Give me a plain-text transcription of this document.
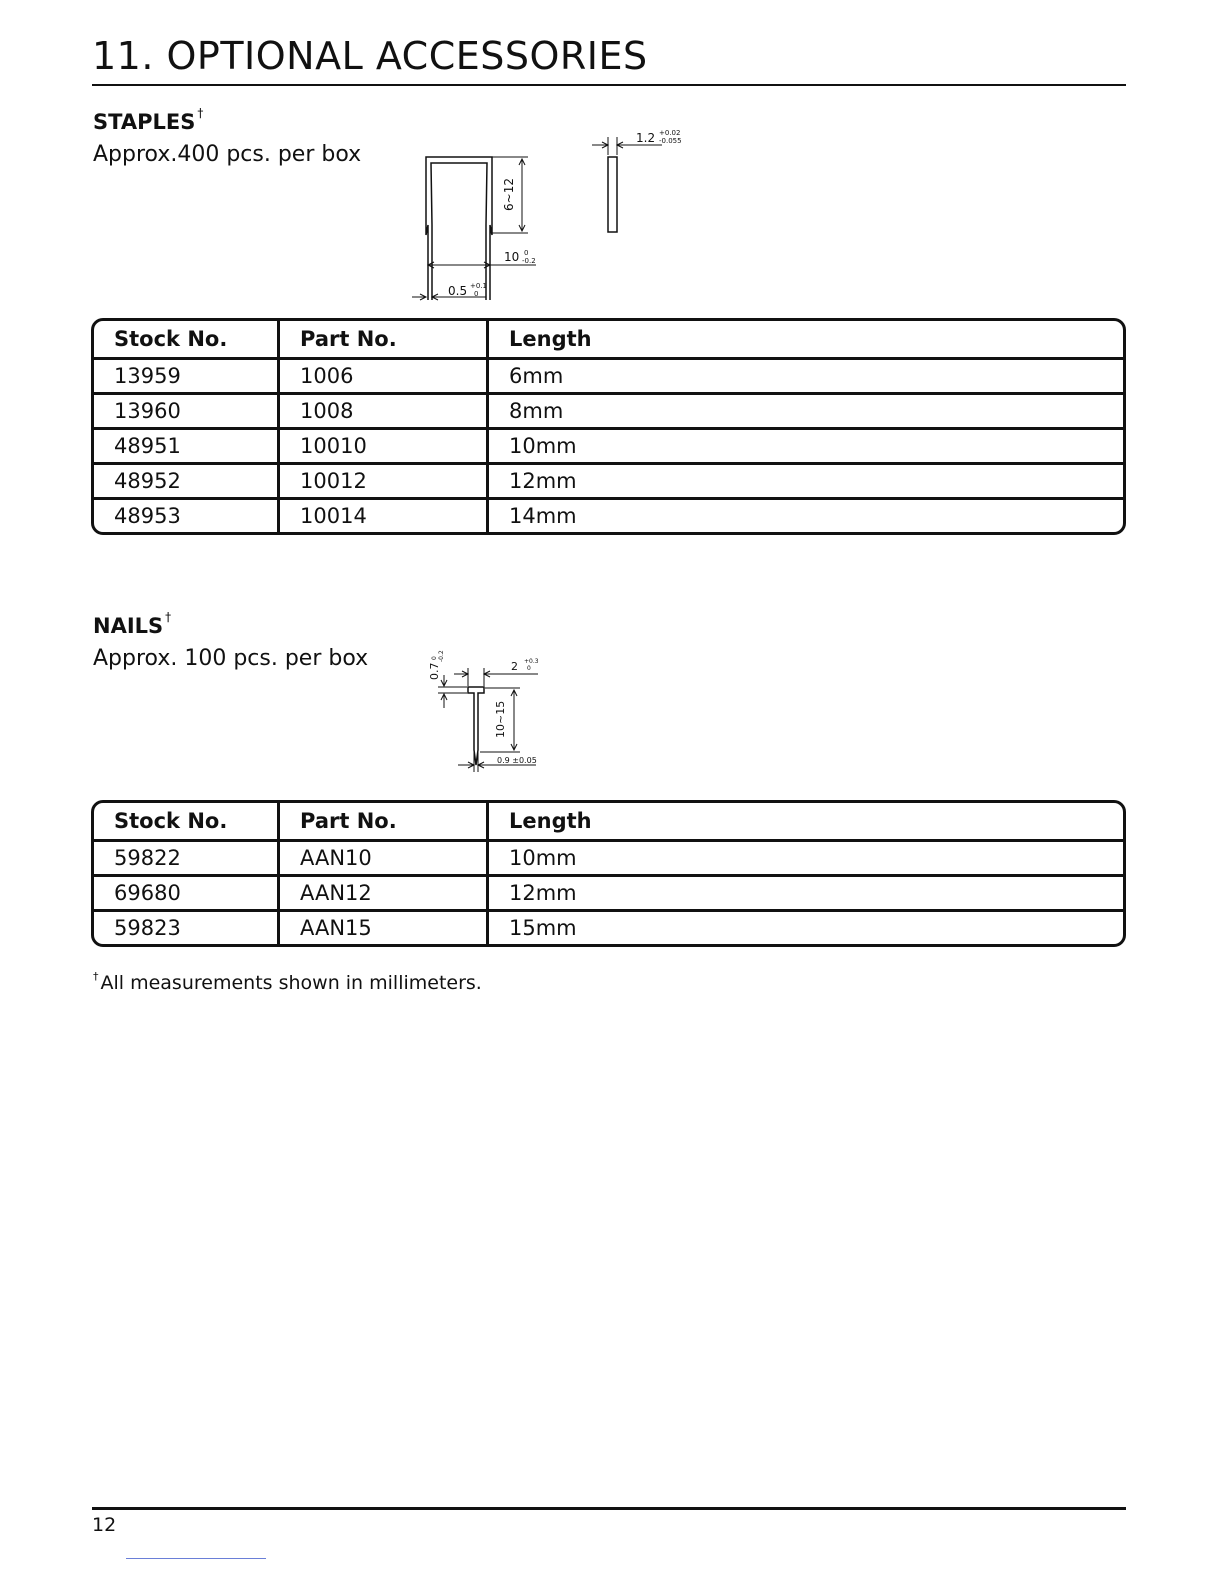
11. OPTIONAL ACCESSORIES
STAPLES †
Approx.400 pcs. per box
6~12
10 0
-0.2
0.5 +0.1
0
1.2 +0.02
-0.055
Stock No.	Part No.	Length
13959	1006	6mm
13960	1008	8mm
48951	10010	10mm
48952	10012	12mm
48953	10014	14mm
NAILS †
Approx. 100 pcs. per box
0.7
0 -0.2
2 +0.3
0
10~15
0.9 ±0.05
Stock No.	Part No.	Length
59822	AAN10	10mm
69680	AAN12	12mm
59823	AAN15	15mm
† All measurements shown in millimeters.
12
